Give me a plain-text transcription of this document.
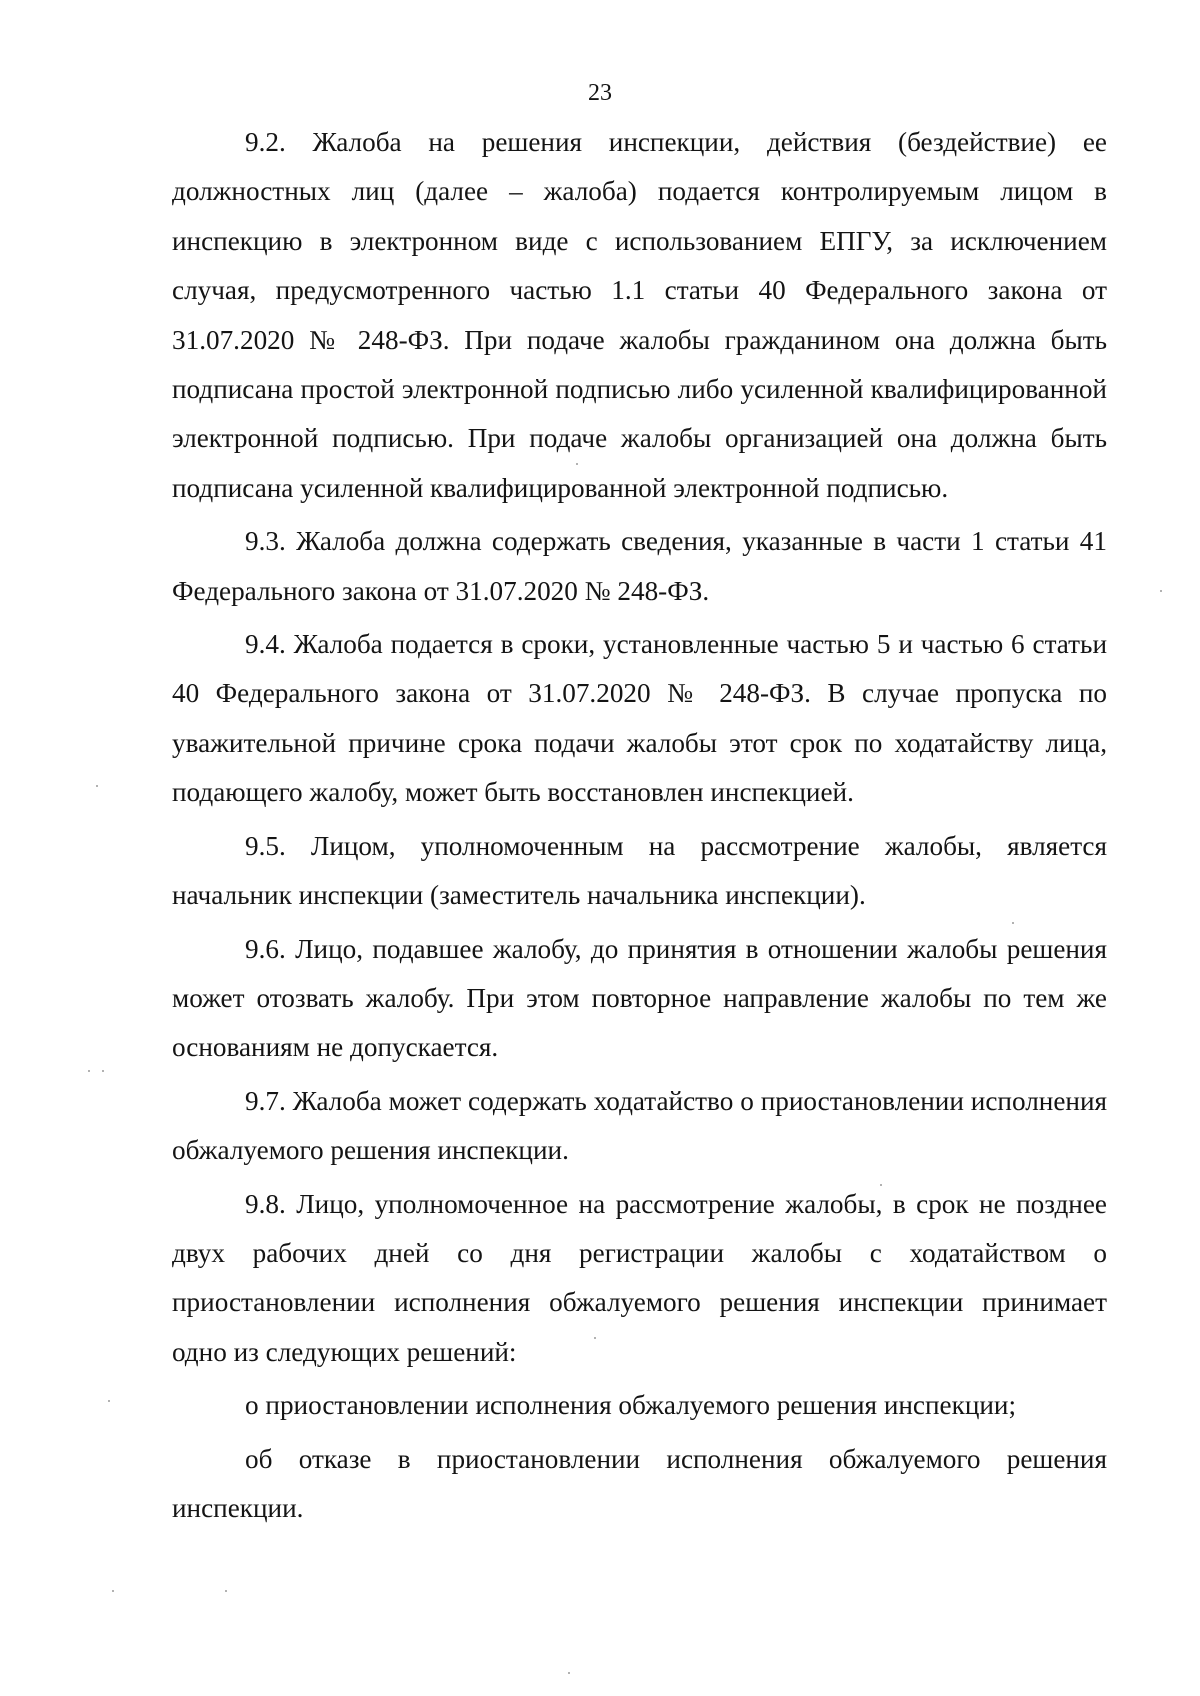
23

9.2. Жалоба на решения инспекции, действия (бездействие) ее должностных лиц (далее – жалоба) подается контролируемым лицом в инспекцию в электронном виде с использованием ЕПГУ, за исключением случая, предусмотренного частью 1.1 статьи 40 Федерального закона от 31.07.2020 № 248-ФЗ. При подаче жалобы гражданином она должна быть подписана простой электронной подписью либо усиленной квалифицированной электронной подписью. При подаче жалобы организацией она должна быть подписана усиленной квалифицированной электронной подписью.

9.3. Жалоба должна содержать сведения, указанные в части 1 статьи 41 Федерального закона от 31.07.2020 № 248-ФЗ.

9.4. Жалоба подается в сроки, установленные частью 5 и частью 6 статьи 40 Федерального закона от 31.07.2020 № 248-ФЗ. В случае пропуска по уважительной причине срока подачи жалобы этот срок по ходатайству лица, подающего жалобу, может быть восстановлен инспекцией.

9.5. Лицом, уполномоченным на рассмотрение жалобы, является начальник инспекции (заместитель начальника инспекции).

9.6. Лицо, подавшее жалобу, до принятия в отношении жалобы решения может отозвать жалобу. При этом повторное направление жалобы по тем же основаниям не допускается.

9.7. Жалоба может содержать ходатайство о приостановлении исполнения обжалуемого решения инспекции.

9.8. Лицо, уполномоченное на рассмотрение жалобы, в срок не позднее двух рабочих дней со дня регистрации жалобы с ходатайством о приостановлении исполнения обжалуемого решения инспекции принимает одно из следующих решений:

о приостановлении исполнения обжалуемого решения инспекции;

об отказе в приостановлении исполнения обжалуемого решения инспекции.
